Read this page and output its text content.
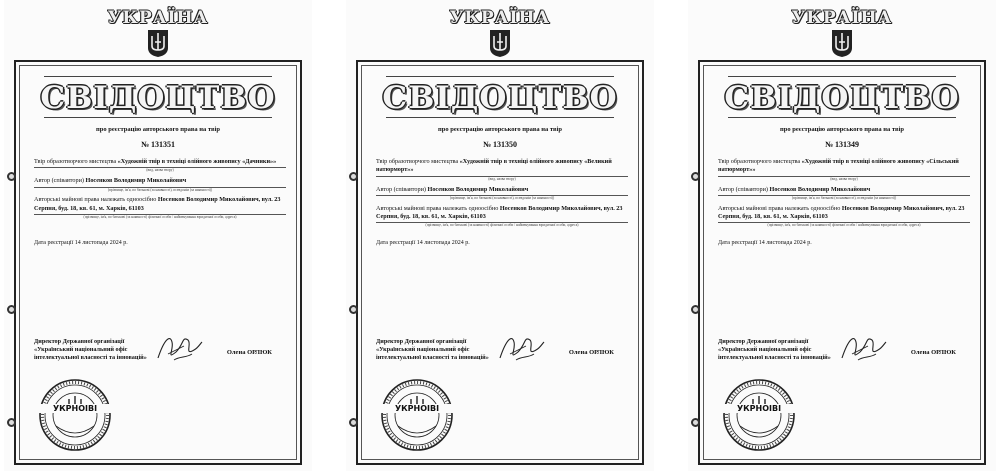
УКРАЇНА
СВІДОЦТВО
про реєстрацію авторського права на твір
№ 131351
Твір образотворчого мистецтва «Художній твір в техніці олійного живопису «Дачники»»
(вид, назва твору)
Автор (співавтори) Носенков Володимир Миколайович
(прізвище, ім'я, по батькові (за наявності), псевдонім (за наявності))
Авторські майнові права належать одноосібно Носенков Володимир Миколайович, вул. 23 Серпня, буд. 18, кв. 61, м. Харків, 61103
(прізвище, ім'я, по батькові (за наявності) фізичної особи / найменування юридичної особи, адреса)
Дата реєстрації 14 листопада 2024 р.
Директор Державної організації «Український національний офіс інтелектуальної власності та інновацій»
Олена ОРЛЮК
УКРНОІВІ
УКРАЇНА
СВІДОЦТВО
про реєстрацію авторського права на твір
№ 131350
Твір образотворчого мистецтва «Художній твір в техніці олійного живопису «Великий натюрморт»»
(вид, назва твору)
Автор (співавтори) Носенков Володимир Миколайович
(прізвище, ім'я, по батькові (за наявності), псевдонім (за наявності))
Авторські майнові права належать одноосібно Носенков Володимир Миколайович, вул. 23 Серпня, буд. 18, кв. 61, м. Харків, 61103
(прізвище, ім'я, по батькові (за наявності) фізичної особи / найменування юридичної особи, адреса)
Дата реєстрації 14 листопада 2024 р.
Директор Державної організації «Український національний офіс інтелектуальної власності та інновацій»
Олена ОРЛЮК
УКРНОІВІ
УКРАЇНА
СВІДОЦТВО
про реєстрацію авторського права на твір
№ 131349
Твір образотворчого мистецтва «Художній твір в техніці олійного живопису «Сільський натюрморт»»
(вид, назва твору)
Автор (співавтори) Носенков Володимир Миколайович
(прізвище, ім'я, по батькові (за наявності), псевдонім (за наявності))
Авторські майнові права належать одноосібно Носенков Володимир Миколайович, вул. 23 Серпня, буд. 18, кв. 61, м. Харків, 61103
(прізвище, ім'я, по батькові (за наявності) фізичної особи / найменування юридичної особи, адреса)
Дата реєстрації 14 листопада 2024 р.
Директор Державної організації «Український національний офіс інтелектуальної власності та інновацій»
Олена ОРЛЮК
УКРНОІВІ
